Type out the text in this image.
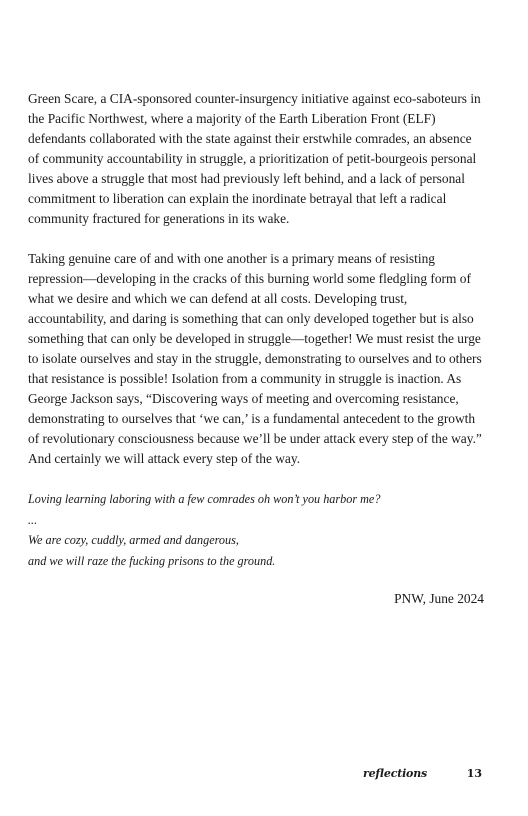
Green Scare, a CIA-sponsored counter-insurgency initiative against eco-saboteurs in the Pacific Northwest, where a majority of the Earth Liberation Front (ELF) defendants collaborated with the state against their erstwhile comrades, an absence of community accountability in struggle, a prioritization of petit-bourgeois personal lives above a struggle that most had previously left behind, and a lack of personal commitment to liberation can explain the inordinate betrayal that left a radical community fractured for generations in its wake.

Taking genuine care of and with one another is a primary means of resisting repression—developing in the cracks of this burning world some fledgling form of what we desire and which we can defend at all costs. Developing trust, accountability, and daring is something that can only developed together but is also something that can only be developed in struggle—together! We must resist the urge to isolate ourselves and stay in the struggle, demonstrating to ourselves and to others that resistance is possible! Isolation from a community in struggle is inaction. As George Jackson says, “Discovering ways of meeting and overcoming resistance, demonstrating to ourselves that ‘we can,’ is a fundamental antecedent to the growth of revolutionary consciousness because we’ll be under attack every step of the way.” And certainly we will attack every step of the way.

Loving learning laboring with a few comrades oh won’t you harbor me?
...
We are cozy, cuddly, armed and dangerous,
and we will raze the fucking prisons to the ground.
PNW, June 2024
reflections	13
